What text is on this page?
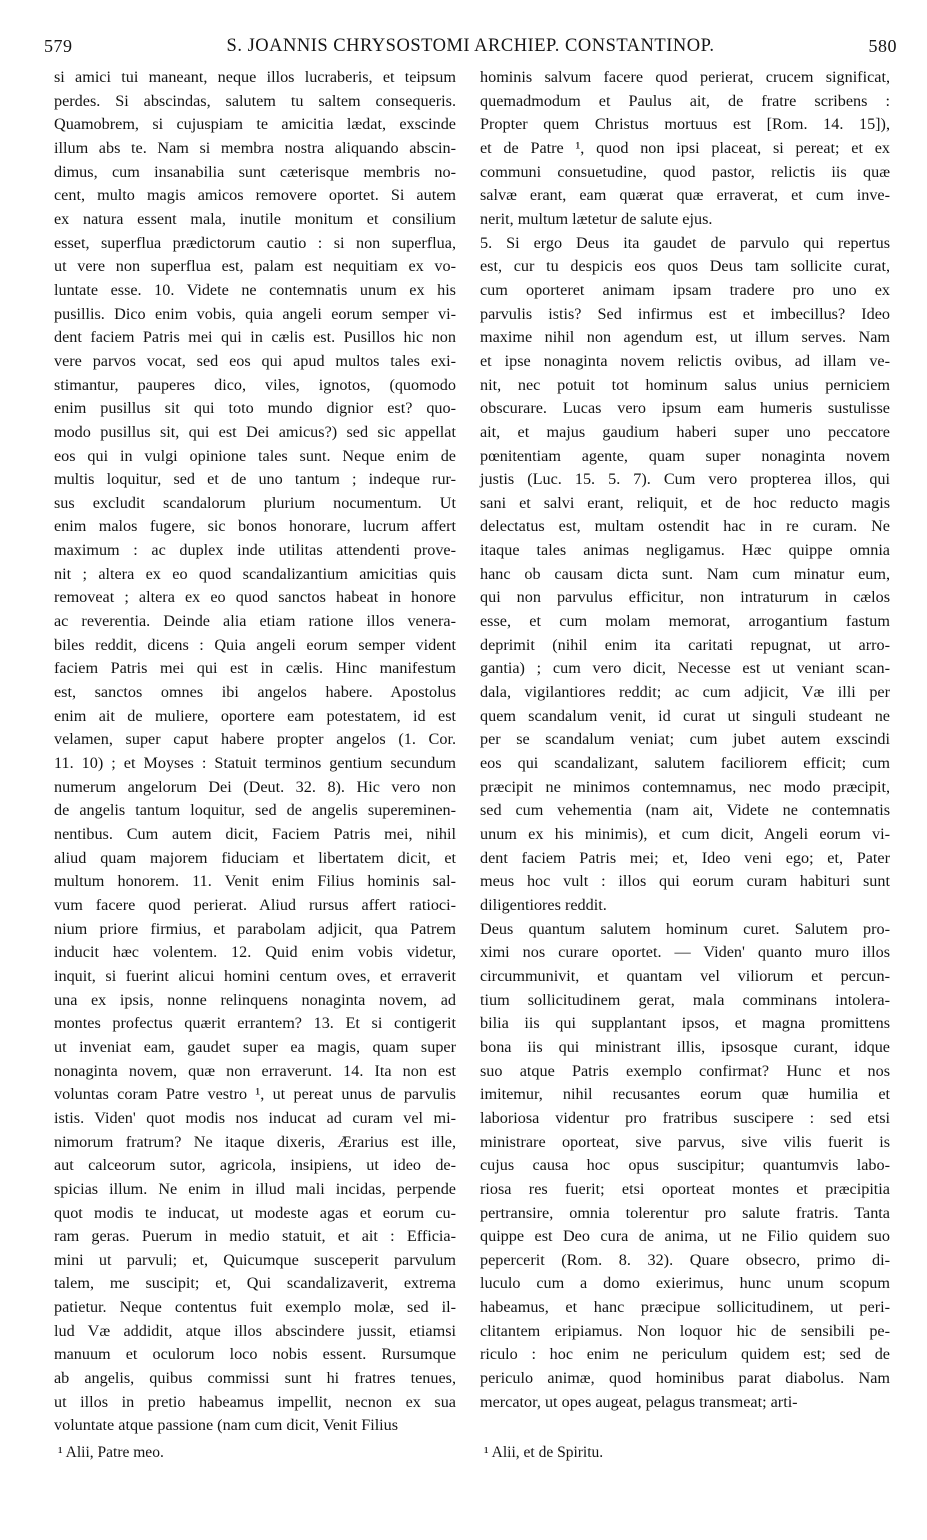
579	S. JOANNIS CHRYSOSTOMI ARCHIEP. CONSTANTINOP.	580
si amici tui maneant, neque illos lucraberis, et teipsum
perdes. Si abscindas, salutem tu saltem consequeris.
Quamobrem, si cujuspiam te amicitia lædat, exscinde
illum abs te. Nam si membra nostra aliquando abscin-
dimus, cum insanabilia sunt cæterisque membris no-
cent, multo magis amicos removere oportet. Si autem
ex natura essent mala, inutile monitum et consilium
esset, superflua prædictorum cautio : si non superflua,
ut vere non superflua est, palam est nequitiam ex vo-
luntate esse. 10. Videte ne contemnatis unum ex his
pusillis. Dico enim vobis, quia angeli eorum semper vi-
dent faciem Patris mei qui in cælis est. Pusillos hic non
vere parvos vocat, sed eos qui apud multos tales exi-
stimantur, pauperes dico, viles, ignotos, (quomodo
enim pusillus sit qui toto mundo dignior est? quo-
modo pusillus sit, qui est Dei amicus?) sed sic appellat
eos qui in vulgi opinione tales sunt. Neque enim de
multis loquitur, sed et de uno tantum ; indeque rur-
sus excludit scandalorum plurium nocumentum. Ut
enim malos fugere, sic bonos honorare, lucrum affert
maximum : ac duplex inde utilitas attendenti prove-
nit ; altera ex eo quod scandalizantium amicitias quis
removeat ; altera ex eo quod sanctos habeat in honore
ac reverentia. Deinde alia etiam ratione illos venera-
biles reddit, dicens : Quia angeli eorum semper vident
faciem Patris mei qui est in cælis. Hinc manifestum
est, sanctos omnes ibi angelos habere. Apostolus
enim ait de muliere, oportere eam potestatem, id est
velamen, super caput habere propter angelos (1. Cor.
11. 10) ; et Moyses : Statuit terminos gentium secundum
numerum angelorum Dei (Deut. 32. 8). Hic vero non
de angelis tantum loquitur, sed de angelis supereminen-
nentibus. Cum autem dicit, Faciem Patris mei, nihil
aliud quam majorem fiduciam et libertatem dicit, et
multum honorem. 11. Venit enim Filius hominis sal-
vum facere quod perierat. Aliud rursus affert ratioci-
nium priore firmius, et parabolam adjicit, qua Patrem
inducit hæc volentem. 12. Quid enim vobis videtur,
inquit, si fuerint alicui homini centum oves, et erraverit
una ex ipsis, nonne relinquens nonaginta novem, ad
montes profectus quærit errantem? 13. Et si contigerit
ut inveniat eam, gaudet super ea magis, quam super
nonaginta novem, quæ non erraverunt. 14. Ita non est
voluntas coram Patre vestro ¹, ut pereat unus de parvulis
istis. Viden' quot modis nos inducat ad curam vel mi-
nimorum fratrum? Ne itaque dixeris, Ærarius est ille,
aut calceorum sutor, agricola, insipiens, ut ideo de-
spicias illum. Ne enim in illud mali incidas, perpende
quot modis te inducat, ut modeste agas et eorum cu-
ram geras. Puerum in medio statuit, et ait : Efficia-
mini ut parvuli; et, Quicumque susceperit parvulum
talem, me suscipit; et, Qui scandalizaverit, extrema
patietur. Neque contentus fuit exemplo molæ, sed il-
lud Væ addidit, atque illos abscindere jussit, etiamsi
manuum et oculorum loco nobis essent. Rursumque
ab angelis, quibus commissi sunt hi fratres tenues,
ut illos in pretio habeamus impellit, necnon ex sua
voluntate atque passione (nam cum dicit, Venit Filius
hominis salvum facere quod perierat, crucem significat,
quemadmodum et Paulus ait, de fratre scribens :
Propter quem Christus mortuus est [Rom. 14. 15]),
et de Patre ¹, quod non ipsi placeat, si pereat; et ex
communi consuetudine, quod pastor, relictis iis quæ
salvæ erant, eam quærat quæ erraverat, et cum inve-
nerit, multum lætetur de salute ejus.
5. Si ergo Deus ita gaudet de parvulo qui repertus
est, cur tu despicis eos quos Deus tam sollicite curat,
cum oporteret animam ipsam tradere pro uno ex
parvulis istis? Sed infirmus est et imbecillus? Ideo
maxime nihil non agendum est, ut illum serves. Nam
et ipse nonaginta novem relictis ovibus, ad illam ve-
nit, nec potuit tot hominum salus unius perniciem
obscurare. Lucas vero ipsum eam humeris sustulisse
ait, et majus gaudium haberi super uno peccatore
pœnitentiam agente, quam super nonaginta novem
justis (Luc. 15. 5. 7). Cum vero propterea illos, qui
sani et salvi erant, reliquit, et de hoc reducto magis
delectatus est, multam ostendit hac in re curam. Ne
itaque tales animas negligamus. Hæc quippe omnia
hanc ob causam dicta sunt. Nam cum minatur eum,
qui non parvulus efficitur, non intraturum in cælos
esse, et cum molam memorat, arrogantium fastum
deprimit (nihil enim ita caritati repugnat, ut arro-
gantia) ; cum vero dicit, Necesse est ut veniant scan-
dala, vigilantiores reddit; ac cum adjicit, Væ illi per
quem scandalum venit, id curat ut singuli studeant ne
per se scandalum veniat; cum jubet autem exscindi
eos qui scandalizant, salutem faciliorem efficit; cum
præcipit ne minimos contemnamus, nec modo præcipit,
sed cum vehementia (nam ait, Videte ne contemnatis
unum ex his minimis), et cum dicit, Angeli eorum vi-
dent faciem Patris mei; et, Ideo veni ego; et, Pater
meus hoc vult : illos qui eorum curam habituri sunt
diligentiores reddit.
Deus quantum salutem hominum curet. Salutem pro-
ximi nos curare oportet. — Viden' quanto muro illos
circummunivit, et quantam vel viliorum et percun-
tium sollicitudinem gerat, mala comminans intolera-
bilia iis qui supplantant ipsos, et magna promittens
bona iis qui ministrant illis, ipsosque curant, idque
suo atque Patris exemplo confirmat? Hunc et nos
imitemur, nihil recusantes eorum quæ humilia et
laboriosa videntur pro fratribus suscipere : sed etsi
ministrare oporteat, sive parvus, sive vilis fuerit is
cujus causa hoc opus suscipitur; quantumvis labo-
riosa res fuerit; etsi oporteat montes et præcipitia
pertransire, omnia tolerentur pro salute fratris. Tanta
quippe est Deo cura de anima, ut ne Filio quidem suo
pepercerit (Rom. 8. 32). Quare obsecro, primo di-
luculo cum a domo exierimus, hunc unum scopum
habeamus, et hanc præcipue sollicitudinem, ut peri-
clitantem eripiamus. Non loquor hic de sensibili pe-
riculo : hoc enim ne periculum quidem est; sed de
periculo animæ, quod hominibus parat diabolus. Nam
mercator, ut opes augeat, pelagus transmeat; arti-
¹ Alii, Patre meo.	¹ Alii, et de Spiritu.
